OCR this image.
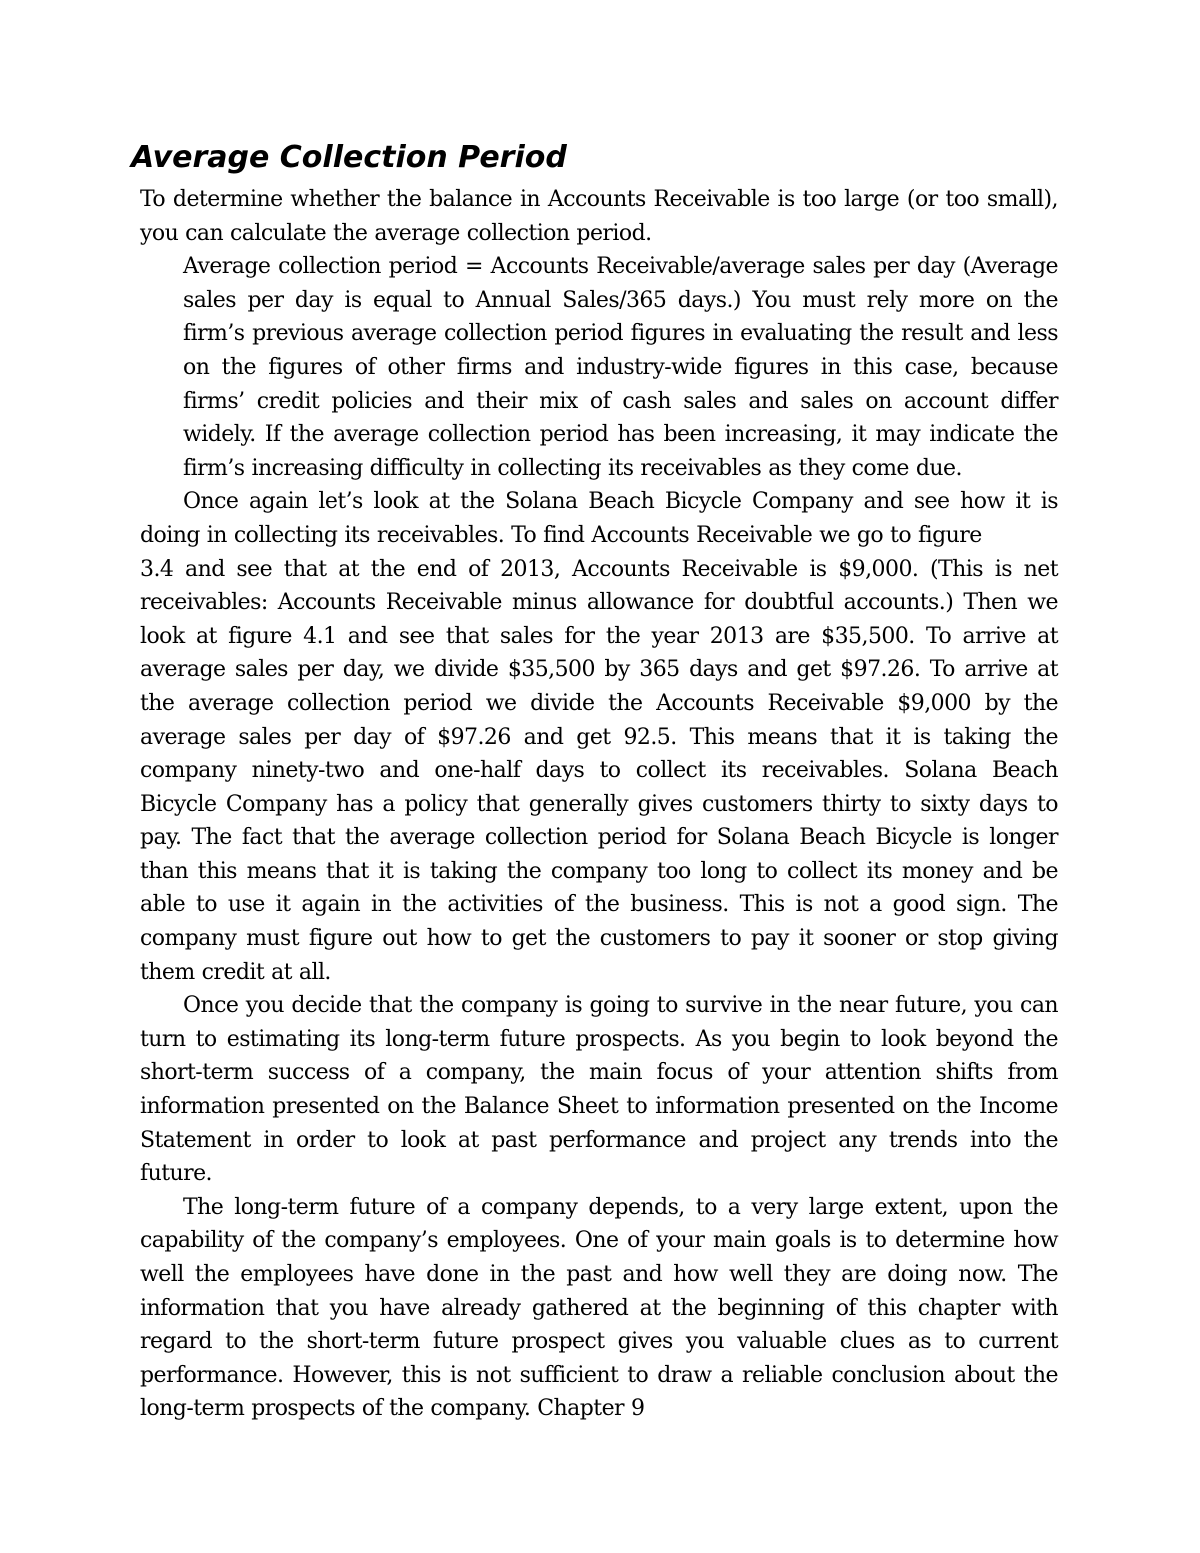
Average Collection Period

To determine whether the balance in Accounts Receivable is too large (or too small), you can calculate the average collection period.

Average collection period = Accounts Receivable/average sales per day (Average sales per day is equal to Annual Sales/365 days.) You must rely more on the firm’s previous average collection period figures in evaluating the result and less on the figures of other firms and industry-wide figures in this case, because firms’ credit policies and their mix of cash sales and sales on account differ widely. If the average collection period has been increasing, it may indicate the firm’s increasing difficulty in collecting its receivables as they come due.

Once again let’s look at the Solana Beach Bicycle Company and see how it is doing in collecting its receivables. To find Accounts Receivable we go to figure

3.4 and see that at the end of 2013, Accounts Receivable is $9,000. (This is net receivables: Accounts Receivable minus allowance for doubtful accounts.) Then we look at figure 4.1 and see that sales for the year 2013 are $35,500. To arrive at average sales per day, we divide $35,500 by 365 days and get $97.26. To arrive at the average collection period we divide the Accounts Receivable $9,000 by the average sales per day of $97.26 and get 92.5. This means that it is taking the company ninety-two and one-half days to collect its receivables. Solana Beach Bicycle Company has a policy that generally gives customers thirty to sixty days to pay. The fact that the average collection period for Solana Beach Bicycle is longer than this means that it is taking the company too long to collect its money and be able to use it again in the activities of the business. This is not a good sign. The company must figure out how to get the customers to pay it sooner or stop giving them credit at all.

Once you decide that the company is going to survive in the near future, you can turn to estimating its long-term future prospects. As you begin to look beyond the short-term success of a company, the main focus of your attention shifts from information presented on the Balance Sheet to information presented on the Income Statement in order to look at past performance and project any trends into the future.

The long-term future of a company depends, to a very large extent, upon the capability of the company’s employees. One of your main goals is to determine how well the employees have done in the past and how well they are doing now. The information that you have already gathered at the beginning of this chapter with regard to the short-term future prospect gives you valuable clues as to current performance. However, this is not sufficient to draw a reliable conclusion about the long-term prospects of the company. Chapter 9
